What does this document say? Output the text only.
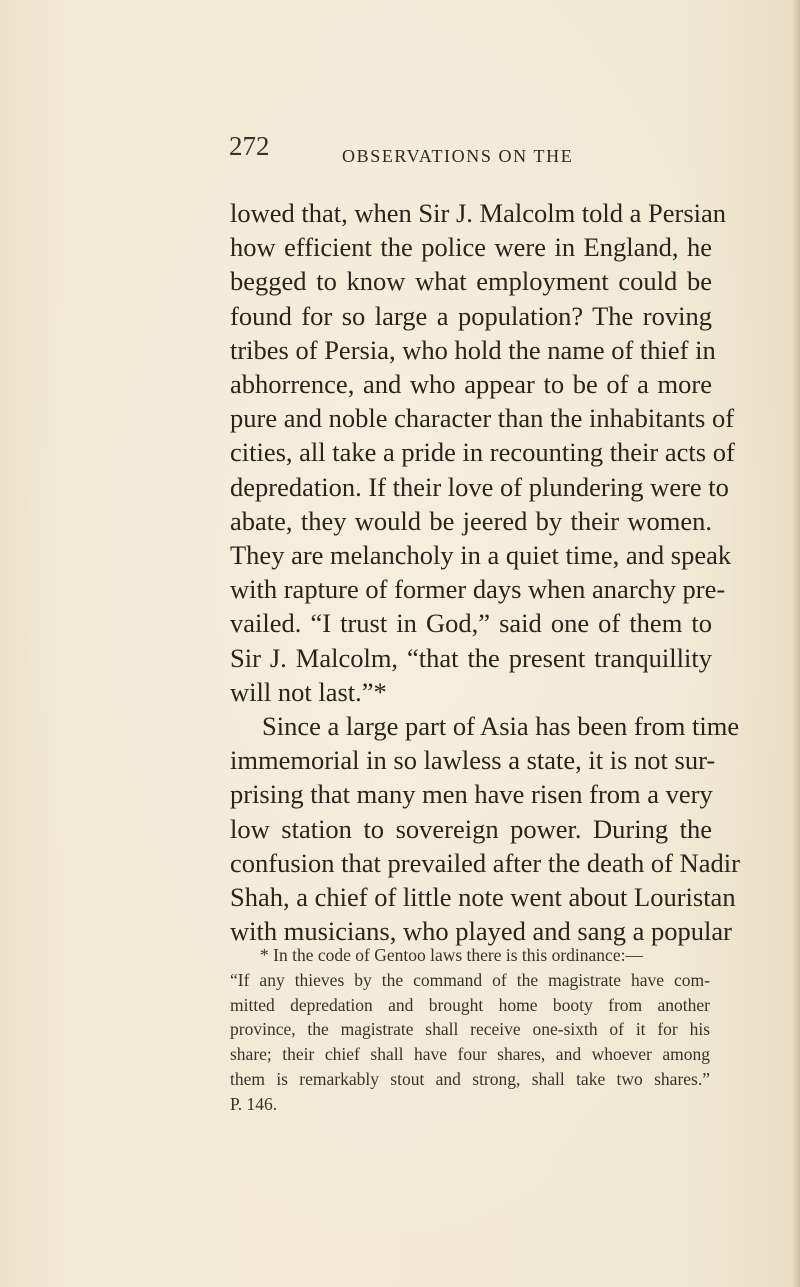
272	OBSERVATIONS ON THE
lowed that, when Sir J. Malcolm told a Persian
how efficient the police were in England, he
begged to know what employment could be
found for so large a population? The roving
tribes of Persia, who hold the name of thief in
abhorrence, and who appear to be of a more
pure and noble character than the inhabitants of
cities, all take a pride in recounting their acts of
depredation. If their love of plundering were to
abate, they would be jeered by their women.
They are melancholy in a quiet time, and speak
with rapture of former days when anarchy pre-
vailed. “I trust in God,” said one of them to
Sir J. Malcolm, “that the present tranquillity
will not last.”*
Since a large part of Asia has been from time
immemorial in so lawless a state, it is not sur-
prising that many men have risen from a very
low station to sovereign power. During the
confusion that prevailed after the death of Nadir
Shah, a chief of little note went about Louristan
with musicians, who played and sang a popular
* In the code of Gentoo laws there is this ordinance:—
“If any thieves by the command of the magistrate have com-
mitted depredation and brought home booty from another
province, the magistrate shall receive one-sixth of it for his
share; their chief shall have four shares, and whoever among
them is remarkably stout and strong, shall take two shares.”
P. 146.
